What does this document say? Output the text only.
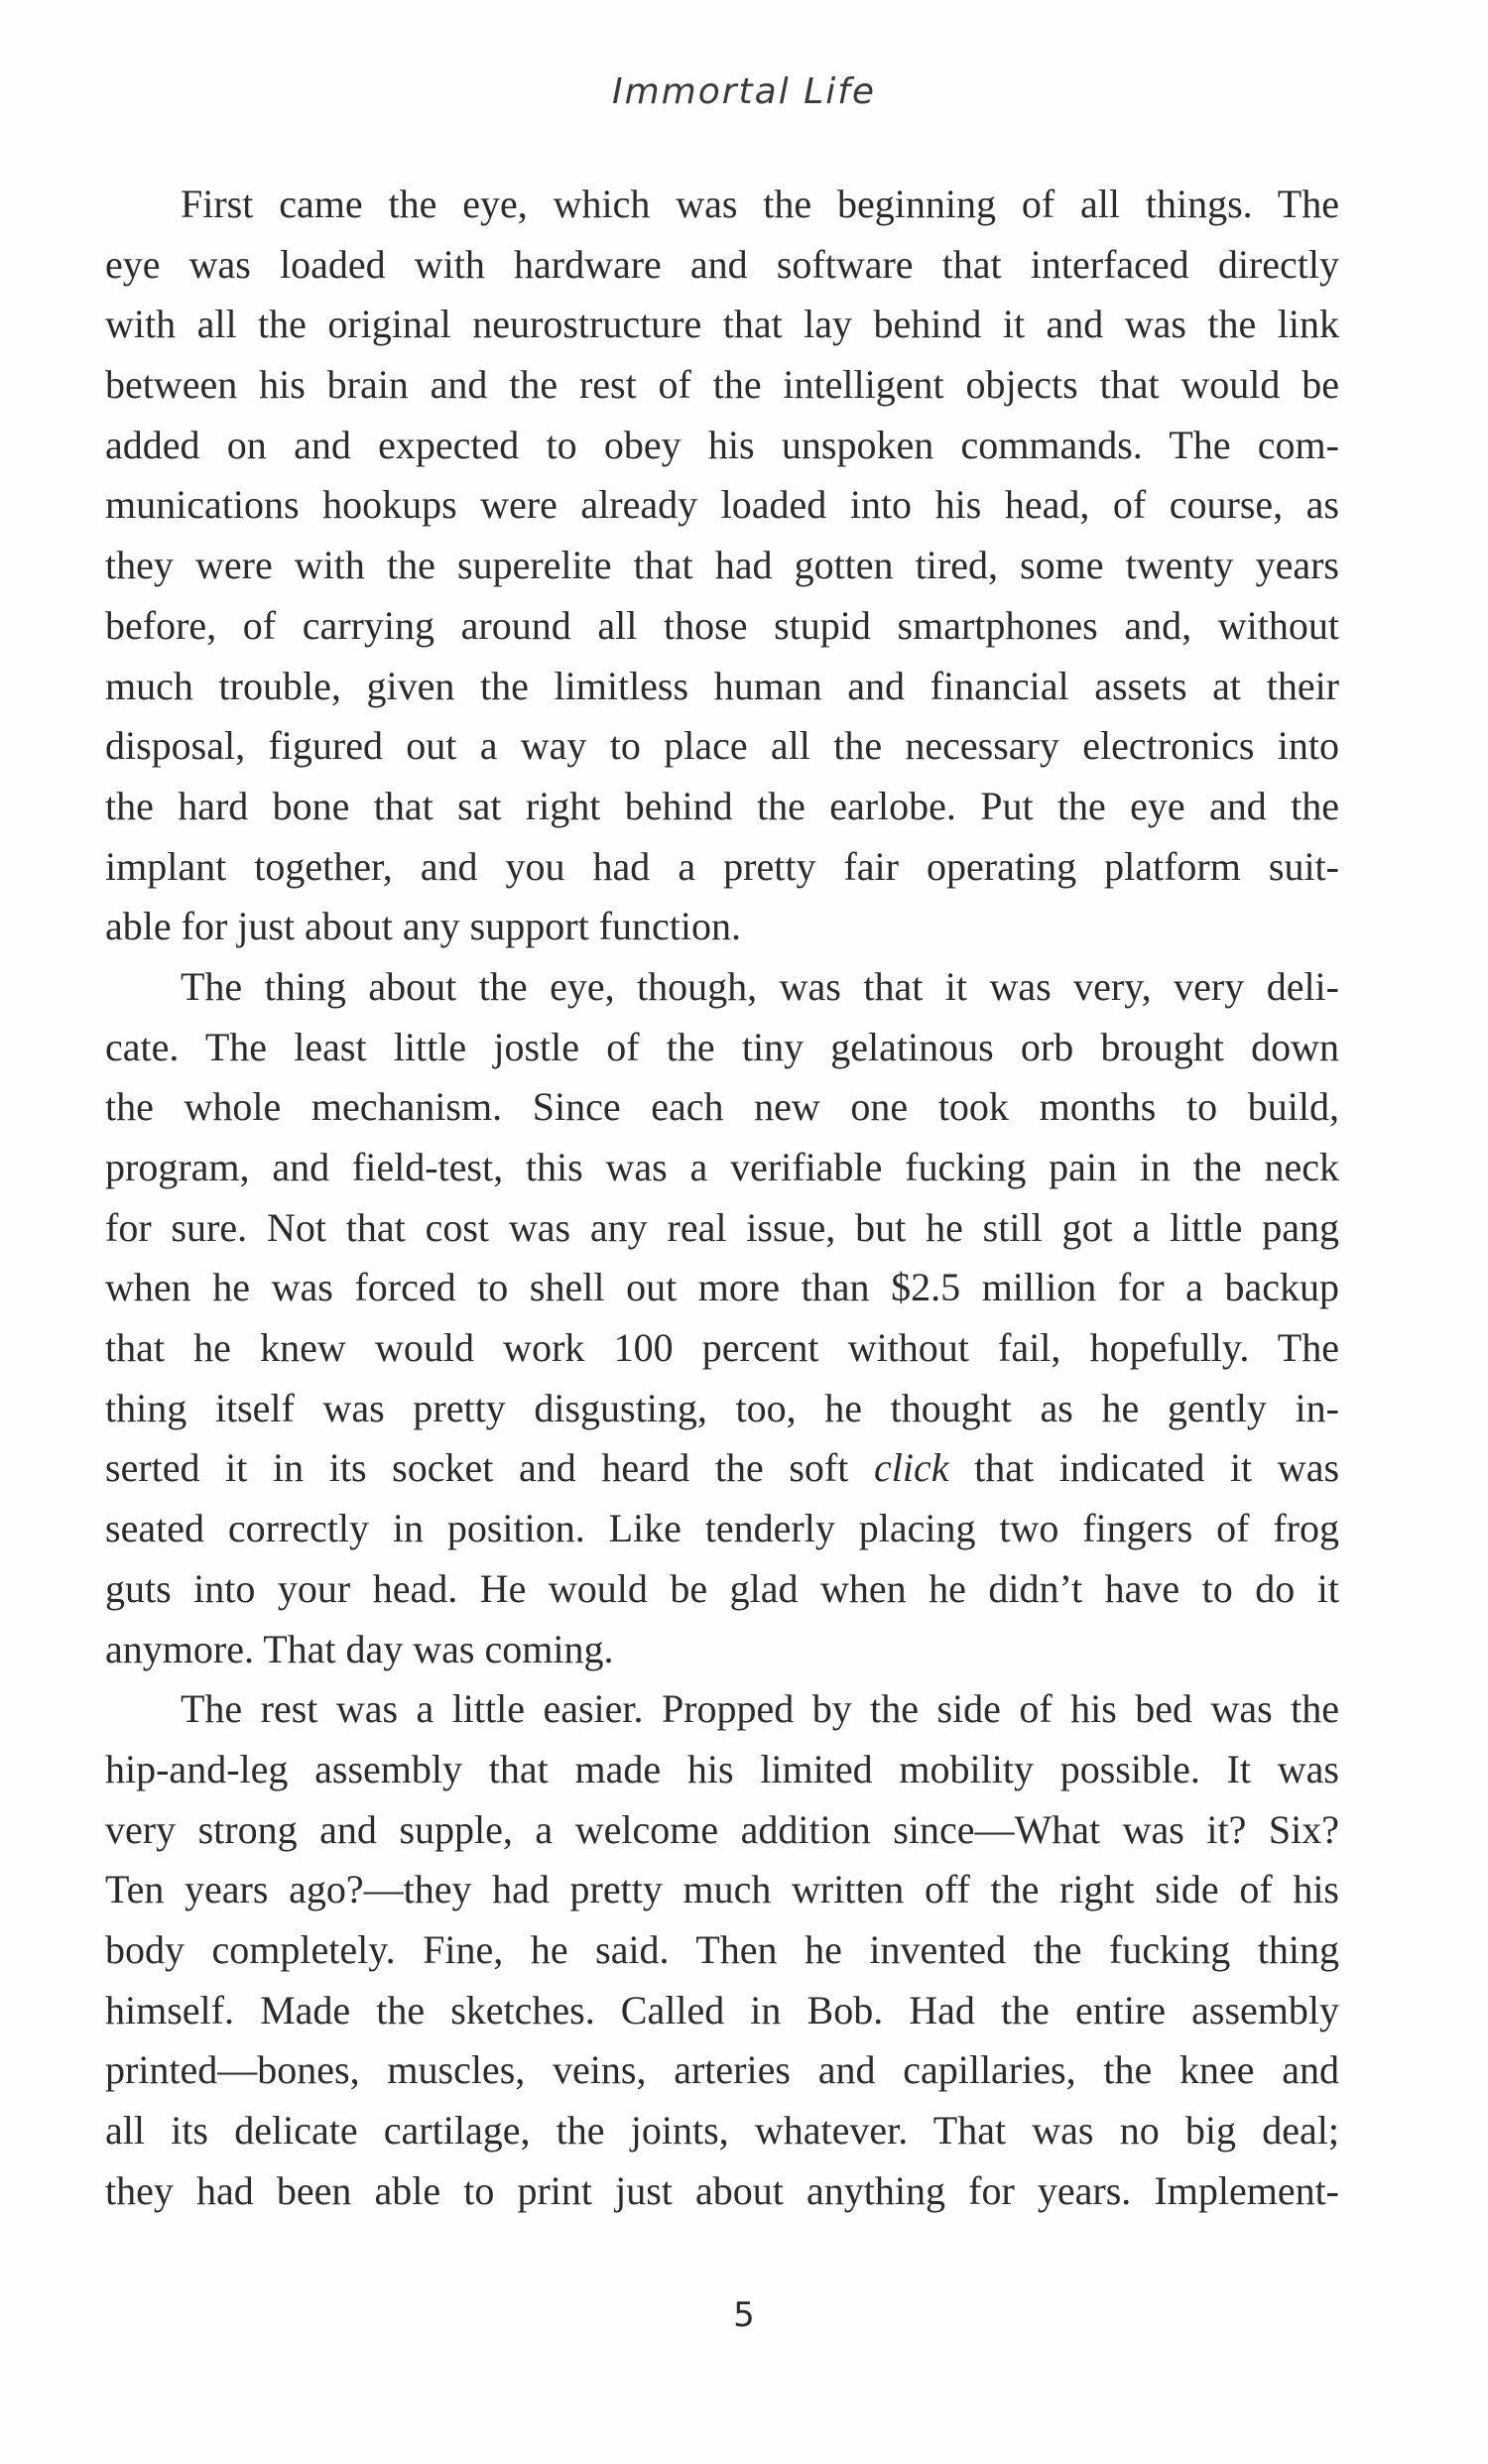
Immortal Life
First came the eye, which was the beginning of all things. The
eye was loaded with hardware and software that interfaced directly
with all the original neurostructure that lay behind it and was the link
between his brain and the rest of the intelligent objects that would be
added on and expected to obey his unspoken commands. The com-
munications hookups were already loaded into his head, of course, as
they were with the superelite that had gotten tired, some twenty years
before, of carrying around all those stupid smartphones and, without
much trouble, given the limitless human and financial assets at their
disposal, figured out a way to place all the necessary electronics into
the hard bone that sat right behind the earlobe. Put the eye and the
implant together, and you had a pretty fair operating platform suit-
able for just about any support function.
The thing about the eye, though, was that it was very, very deli-
cate. The least little jostle of the tiny gelatinous orb brought down
the whole mechanism. Since each new one took months to build,
program, and field-test, this was a verifiable fucking pain in the neck
for sure. Not that cost was any real issue, but he still got a little pang
when he was forced to shell out more than $2.5 million for a backup
that he knew would work 100 percent without fail, hopefully. The
thing itself was pretty disgusting, too, he thought as he gently in-
serted it in its socket and heard the soft click that indicated it was
seated correctly in position. Like tenderly placing two fingers of frog
guts into your head. He would be glad when he didn’t have to do it
anymore. That day was coming.
The rest was a little easier. Propped by the side of his bed was the
hip-and-leg assembly that made his limited mobility possible. It was
very strong and supple, a welcome addition since—What was it? Six?
Ten years ago?—they had pretty much written off the right side of his
body completely. Fine, he said. Then he invented the fucking thing
himself. Made the sketches. Called in Bob. Had the entire assembly
printed—bones, muscles, veins, arteries and capillaries, the knee and
all its delicate cartilage, the joints, whatever. That was no big deal;
they had been able to print just about anything for years. Implement-
5
